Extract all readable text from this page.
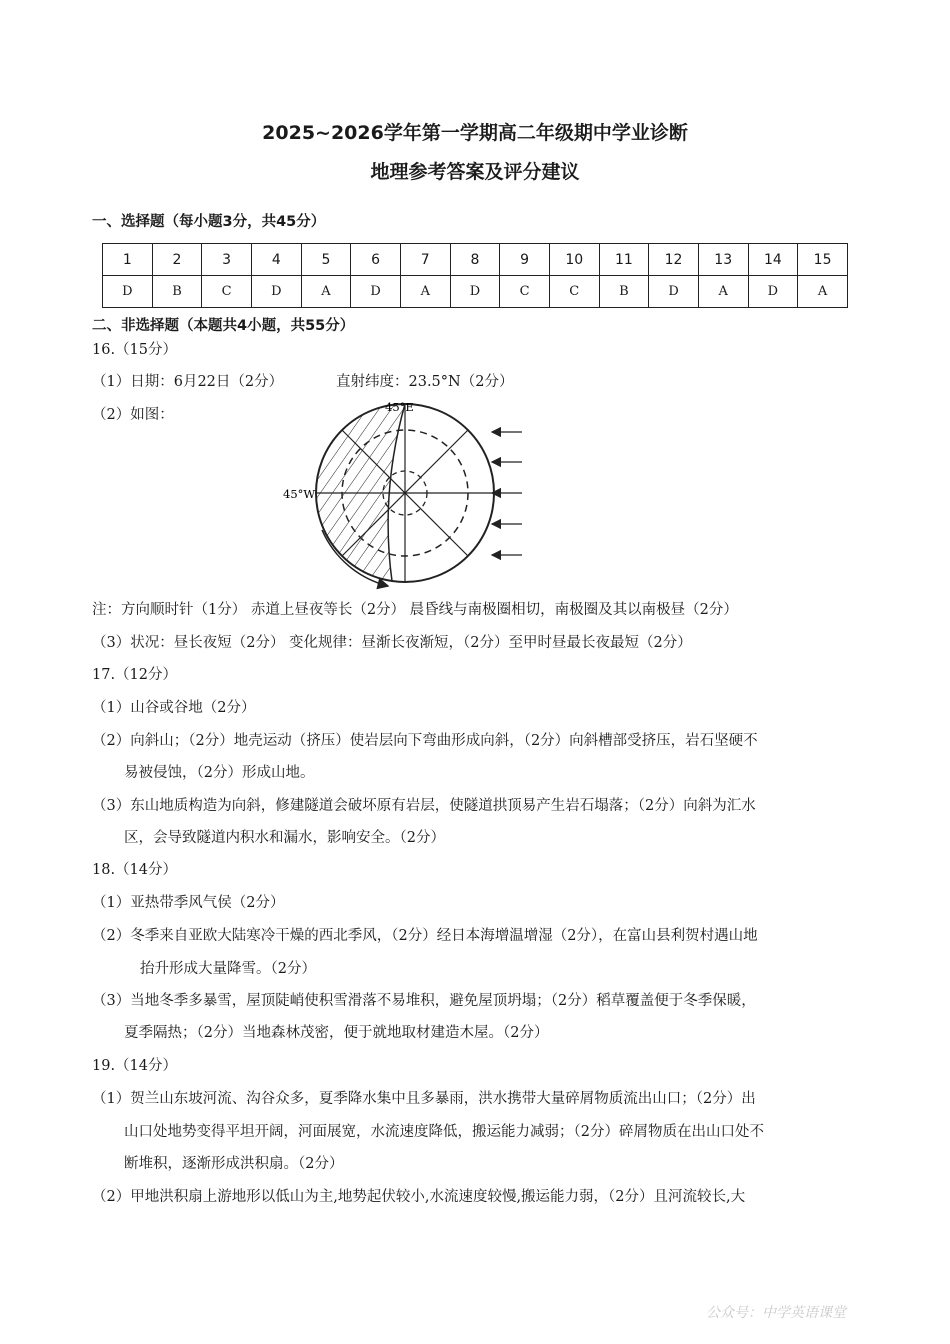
2025~2026学年第一学期高二年级期中学业诊断
地理参考答案及评分建议
一、选择题（每小题3分，共45分）
1	2	3	4	5	6	7	8	9	10	11	12	13	14	15
D	B	C	D	A	D	A	D	C	C	B	D	A	D	A
二、非选择题（本题共4小题，共55分）
16.（15分）
（1）日期：6月22日（2分）	直射纬度：23.5°N（2分）
（2）如图：	45°E
45°W
注：方向顺时针（1分） 赤道上昼夜等长（2分） 晨昏线与南极圈相切，南极圈及其以南极昼（2分）
（3）状况：昼长夜短（2分） 变化规律：昼渐长夜渐短，（2分）至甲时昼最长夜最短（2分）
17.（12分）
（1）山谷或谷地（2分）
（2）向斜山；（2分）地壳运动（挤压）使岩层向下弯曲形成向斜，（2分）向斜槽部受挤压，岩石坚硬不
易被侵蚀，（2分）形成山地。
（3）东山地质构造为向斜，修建隧道会破坏原有岩层，使隧道拱顶易产生岩石塌落；（2分）向斜为汇水
区，会导致隧道内积水和漏水，影响安全。（2分）
18.（14分）
（1）亚热带季风气侯（2分）
（2）冬季来自亚欧大陆寒冷干燥的西北季风，（2分）经日本海增温增湿（2分），在富山县利贺村遇山地
抬升形成大量降雪。（2分）
（3）当地冬季多暴雪，屋顶陡峭使积雪滑落不易堆积，避免屋顶坍塌；（2分）稻草覆盖便于冬季保暖，
夏季隔热；（2分）当地森林茂密，便于就地取材建造木屋。（2分）
19.（14分）
（1）贺兰山东坡河流、沟谷众多，夏季降水集中且多暴雨，洪水携带大量碎屑物质流出山口；（2分）出
山口处地势变得平坦开阔，河面展宽，水流速度降低，搬运能力减弱；（2分）碎屑物质在出山口处不
断堆积，逐渐形成洪积扇。（2分）
（2）甲地洪积扇上游地形以低山为主,地势起伏较小,水流速度较慢,搬运能力弱，（2分）且河流较长,大
公众号：中学英语课堂
